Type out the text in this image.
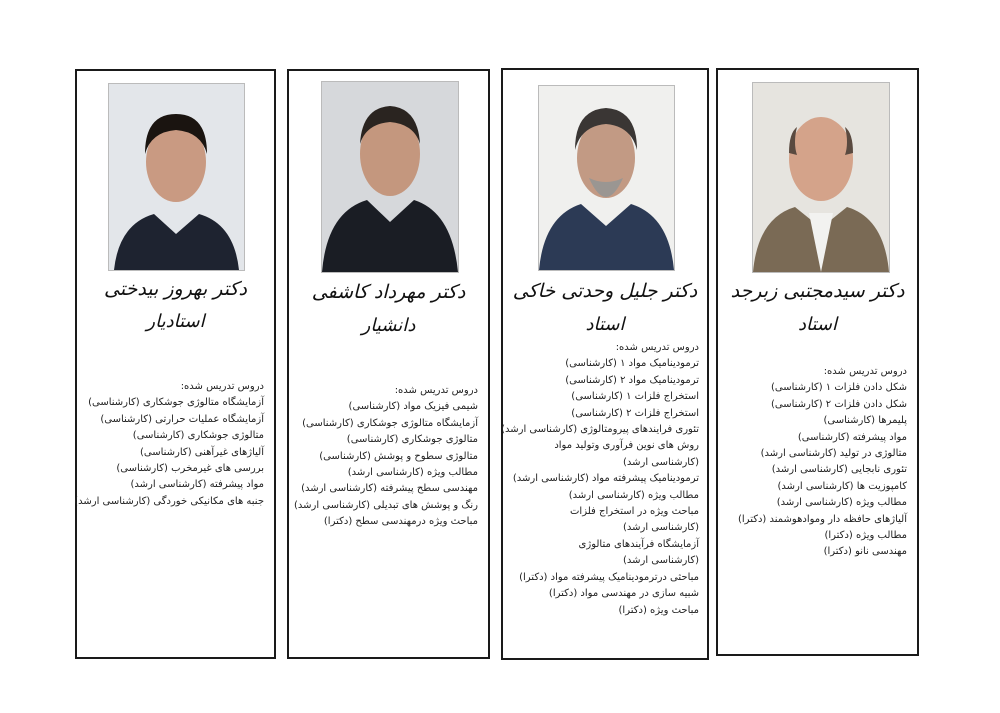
دکتر بهروز بیدختی
استادیار
دروس تدریس شده:
آزمایشگاه متالوژی جوشکاری (کارشناسی)
آزمایشگاه عملیات حرارتی (کارشناسی)
متالوژی جوشکاری (کارشناسی)
آلیاژهای غیرآهنی (کارشناسی)
بررسی های غیرمخرب (کارشناسی)
مواد پیشرفته (کارشناسی ارشد)
جنبه های مکانیکی خوردگی (کارشناسی ارشد)
دکتر مهرداد کاشفی
دانشیار
دروس تدریس شده:
شیمی فیزیک مواد (کارشناسی)
آزمایشگاه متالوژی جوشکاری (کارشناسی)
متالوژی جوشکاری (کارشناسی)
متالوژی سطوح و پوشش (کارشناسی)
مطالب ویژه (کارشناسی ارشد)
مهندسی سطح پیشرفته (کارشناسی ارشد)
رنگ و پوشش های تبدیلی (کارشناسی ارشد)
مباحث ویژه درمهندسی سطح (دکترا)
دکتر جلیل وحدتی خاکی
استاد
دروس تدریس شده:
ترمودینامیک مواد ۱ (کارشناسی)
ترمودینامیک مواد ۲ (کارشناسی)
استخراج فلزات ۱ (کارشناسی)
استخراج فلزات ۲ (کارشناسی)
تئوری فرایندهای پیرومتالوژی (کارشناسی ارشد)
روش های نوین فرآوری وتولید مواد
(کارشناسی ارشد)
ترمودینامیک پیشرفته مواد (کارشناسی ارشد)
مطالب ویژه (کارشناسی ارشد)
مباحث ویژه در استخراج فلزات
(کارشناسی ارشد)
آزمایشگاه فرآیندهای متالوژی
(کارشناسی ارشد)
مباحثی درترمودینامیک پیشرفته مواد (دکترا)
شبیه سازی در مهندسی مواد (دکترا)
مباحث ویژه (دکترا)
دکتر سیدمجتبی زبرجد
استاد
دروس تدریس شده:
شکل دادن فلزات ۱ (کارشناسی)
شکل دادن فلزات ۲ (کارشناسی)
پلیمرها (کارشناسی)
مواد پیشرفته (کارشناسی)
متالوژی در تولید (کارشناسی ارشد)
تئوری نابجایی (کارشناسی ارشد)
کامپوزیت ها (کارشناسی ارشد)
مطالب ویژه (کارشناسی ارشد)
آلیاژهای حافظه دار وموادهوشمند (دکترا)
مطالب ویژه (دکترا)
مهندسی نانو (دکترا)
